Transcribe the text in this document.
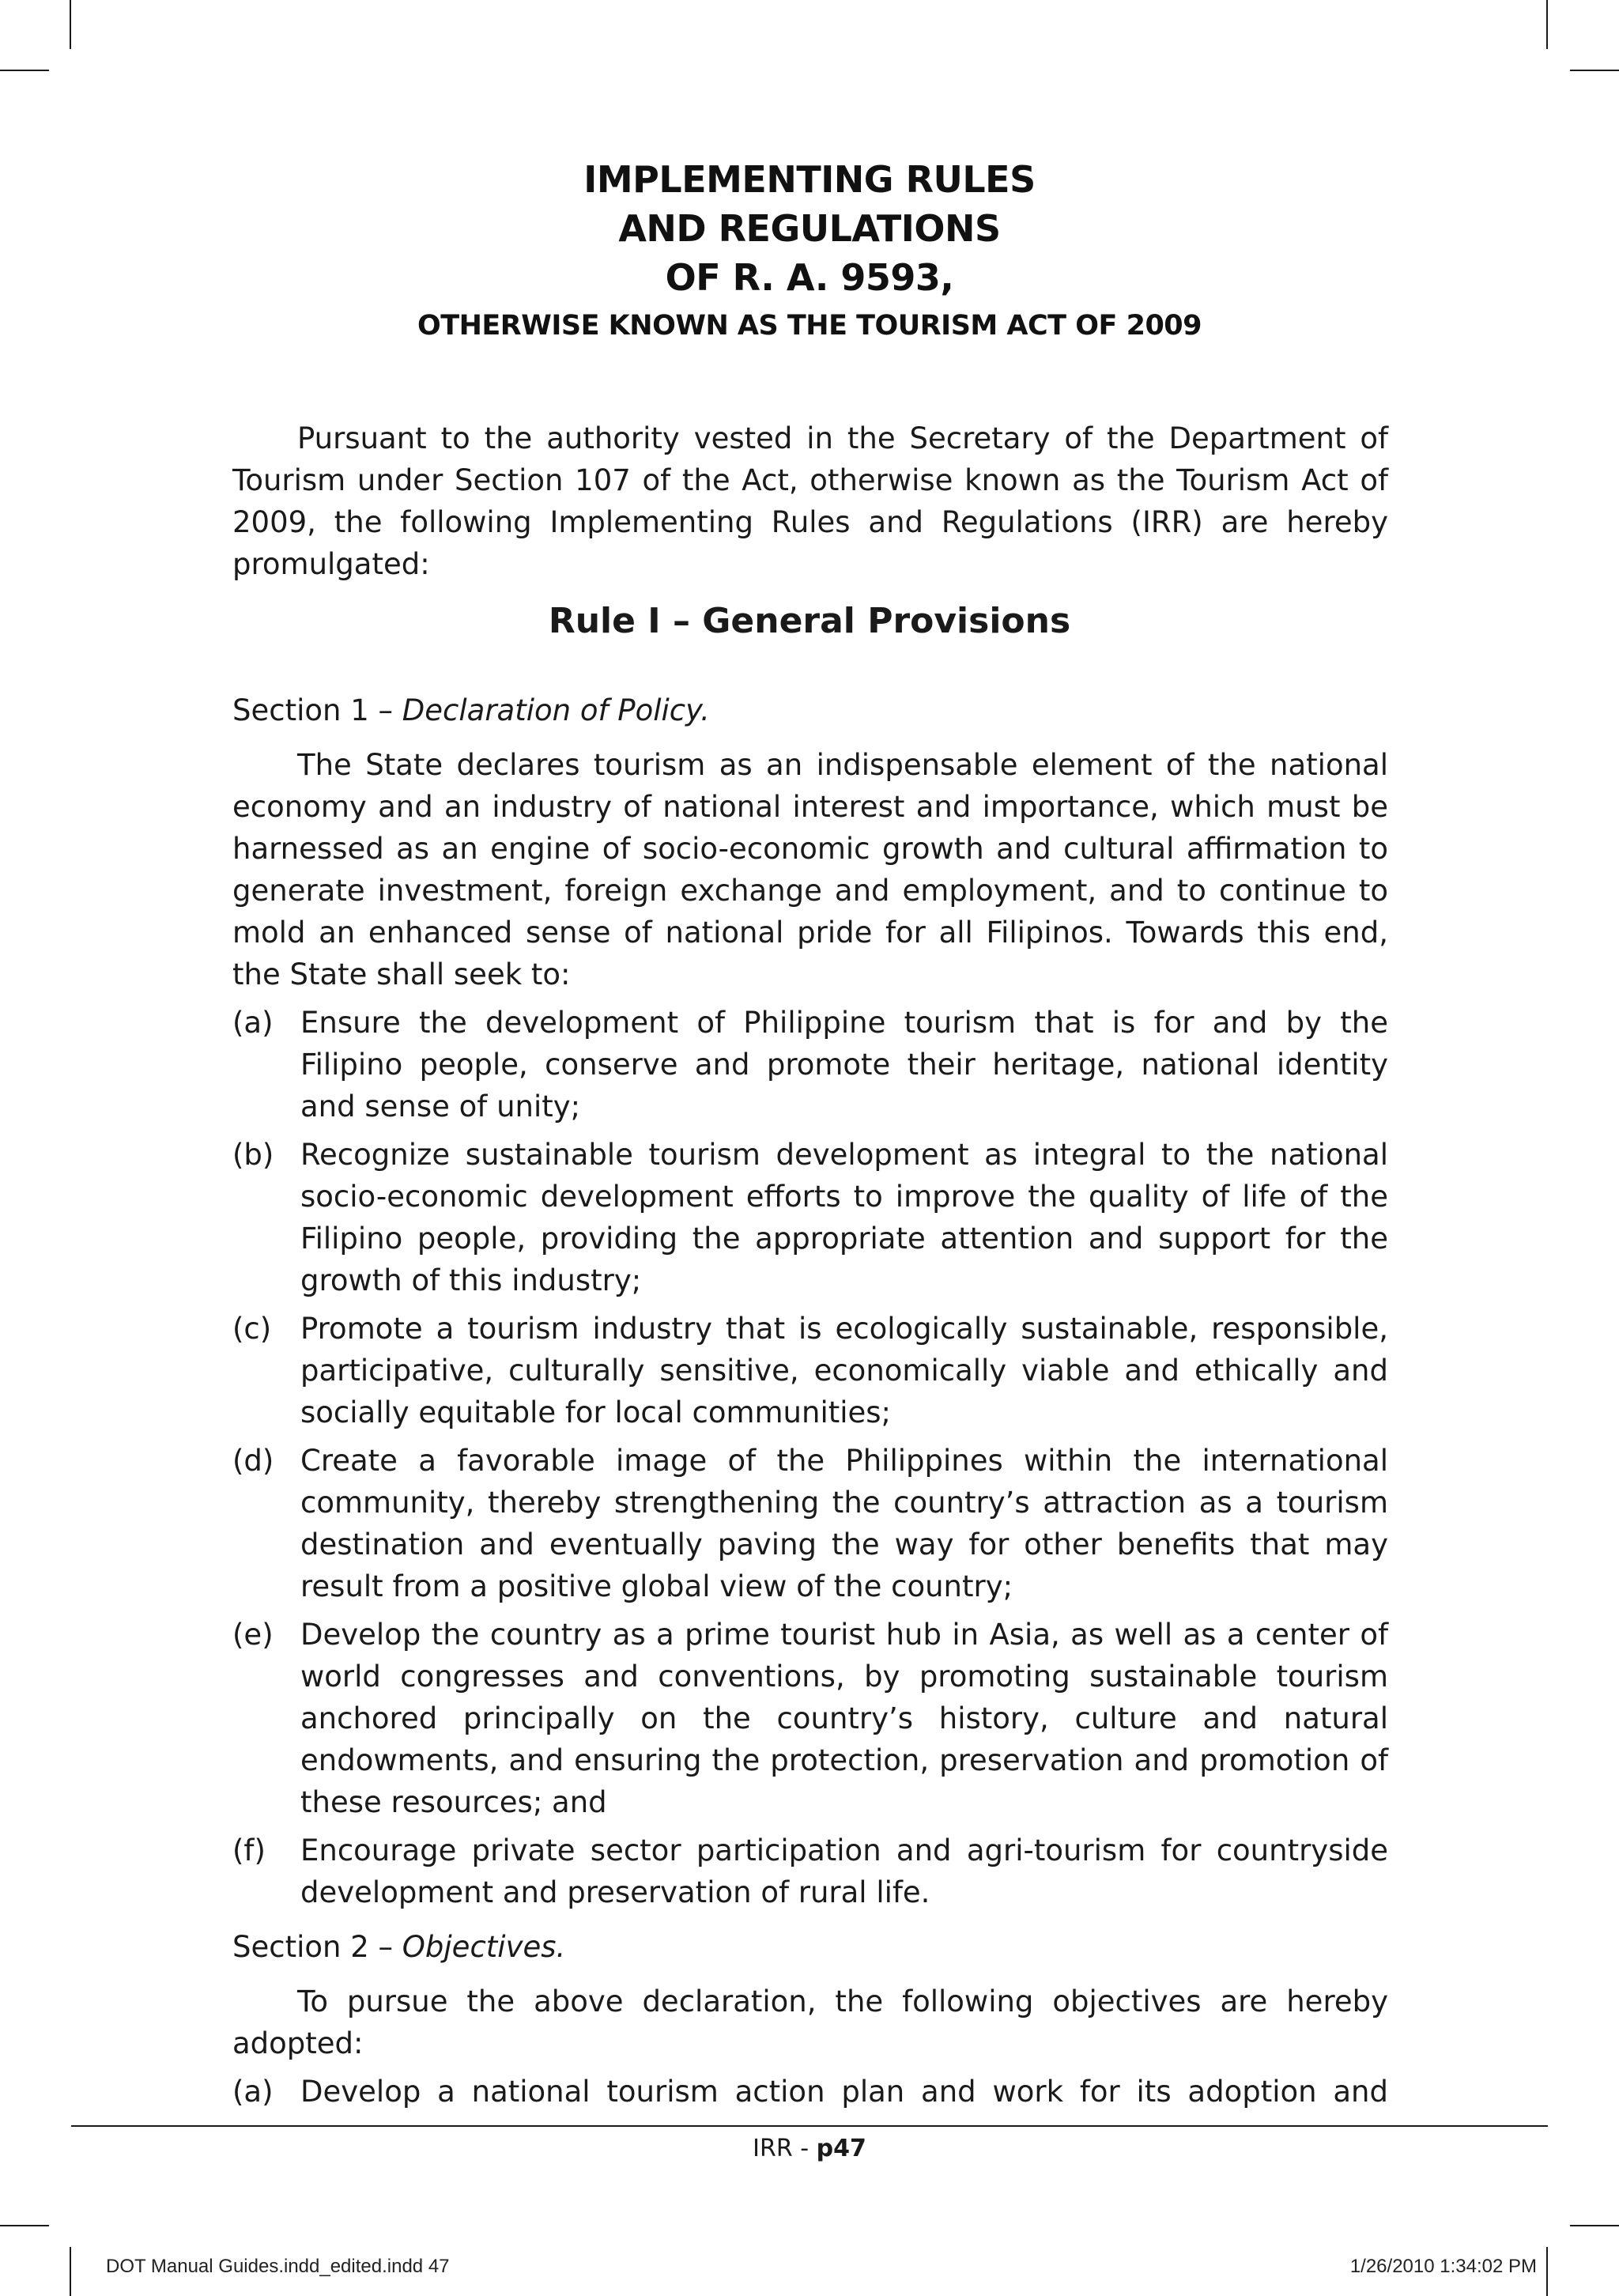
IMPLEMENTING RULES
AND REGULATIONS
OF R. A. 9593,
OTHERWISE KNOWN AS THE TOURISM ACT OF 2009

Pursuant to the authority vested in the Secretary of the Department of Tourism under Section 107 of the Act, otherwise known as the Tourism Act of 2009, the following Implementing Rules and Regulations (IRR) are hereby promulgated:

Rule I – General Provisions

Section 1 – Declaration of Policy.

The State declares tourism as an indispensable element of the national economy and an industry of national interest and importance, which must be harnessed as an engine of socio-economic growth and cultural affirmation to generate investment, foreign exchange and employment, and to continue to mold an enhanced sense of national pride for all Filipinos. Towards this end, the State shall seek to:

(a) Ensure the development of Philippine tourism that is for and by the Filipino people, conserve and promote their heritage, national identity and sense of unity;
(b) Recognize sustainable tourism development as integral to the national socio-economic development efforts to improve the quality of life of the Filipino people, providing the appropriate attention and support for the growth of this industry;
(c) Promote a tourism industry that is ecologically sustainable, responsible, participative, culturally sensitive, economically viable and ethically and socially equitable for local communities;
(d) Create a favorable image of the Philippines within the international community, thereby strengthening the country’s attraction as a tourism destination and eventually paving the way for other benefits that may result from a positive global view of the country;
(e) Develop the country as a prime tourist hub in Asia, as well as a center of world congresses and conventions, by promoting sustainable tourism anchored principally on the country’s history, culture and natural endowments, and ensuring the protection, preservation and promotion of these resources; and
(f)	Encourage private sector participation and agri-tourism for countryside development and preservation of rural life.

Section 2 – Objectives.

To pursue the above declaration, the following objectives are hereby adopted:

(a) Develop a national tourism action plan and work for its adoption and
IRR - p47
DOT Manual Guides.indd_edited.indd 47	1/26/2010 1:34:02 PM
